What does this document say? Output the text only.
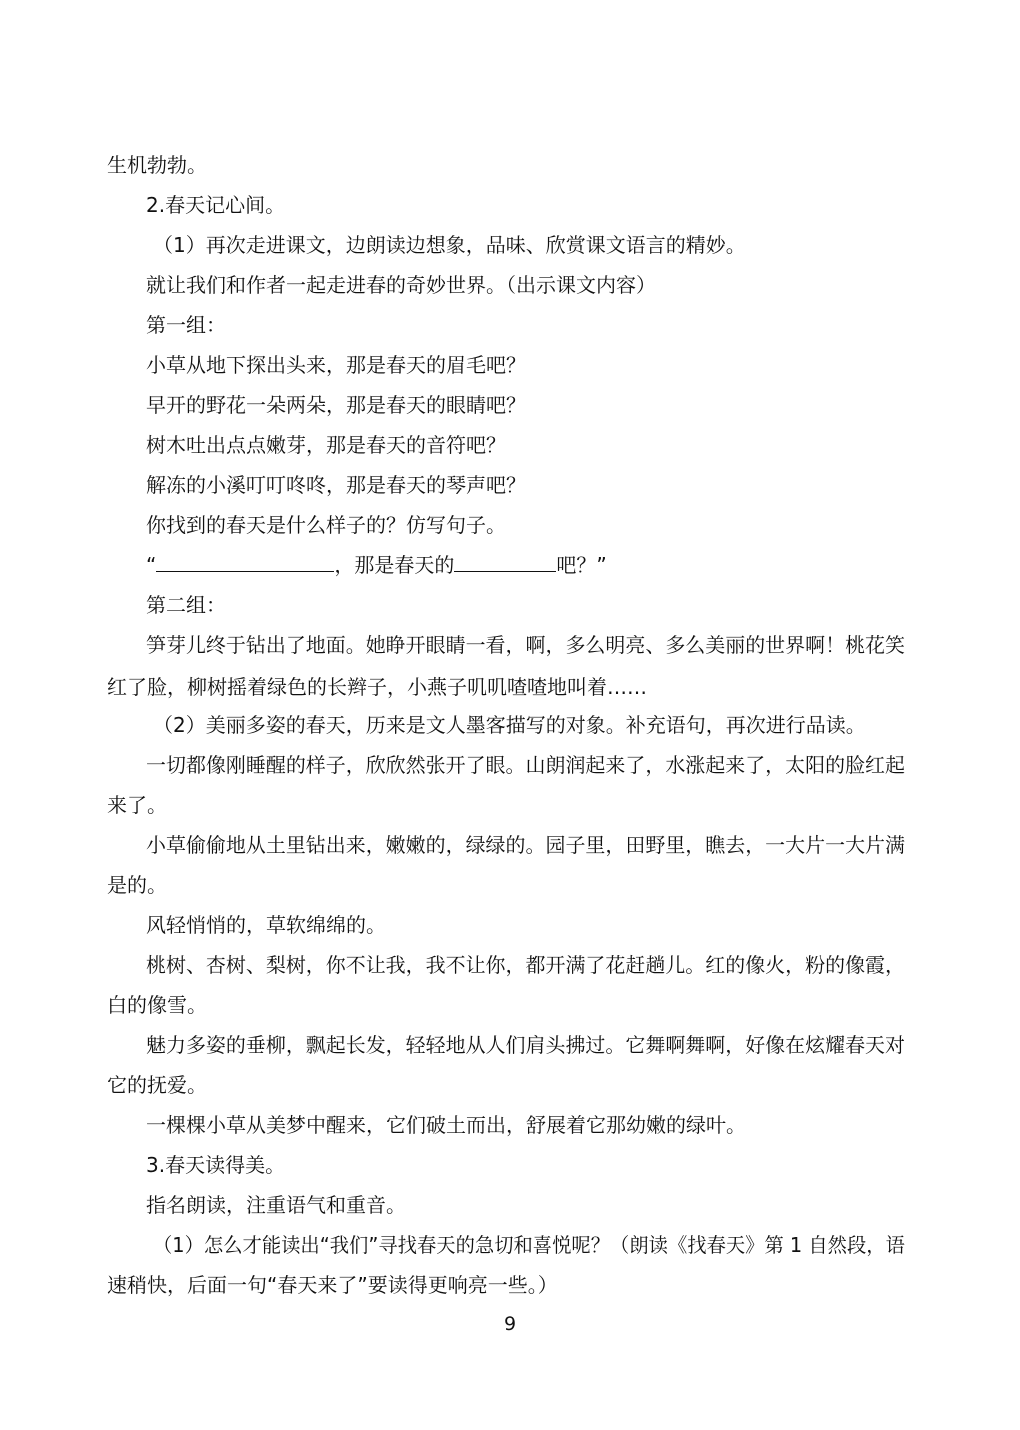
生机勃勃。
2.春天记心间。
（1）再次走进课文，边朗读边想象，品味、欣赏课文语言的精妙。
就让我们和作者一起走进春的奇妙世界。（出示课文内容）
第一组：
小草从地下探出头来，那是春天的眉毛吧？
早开的野花一朵两朵，那是春天的眼睛吧？
树木吐出点点嫩芽，那是春天的音符吧？
解冻的小溪叮叮咚咚，那是春天的琴声吧？
你找到的春天是什么样子的？仿写句子。
“	，那是春天的	吧？”
第二组：
笋芽儿终于钻出了地面。她睁开眼睛一看，啊，多么明亮、多么美丽的世界啊！桃花笑
红了脸，柳树摇着绿色的长辫子，小燕子叽叽喳喳地叫着……
（2）美丽多姿的春天，历来是文人墨客描写的对象。补充语句，再次进行品读。
一切都像刚睡醒的样子，欣欣然张开了眼。山朗润起来了，水涨起来了，太阳的脸红起
来了。
小草偷偷地从土里钻出来，嫩嫩的，绿绿的。园子里，田野里，瞧去，一大片一大片满
是的。
风轻悄悄的，草软绵绵的。
桃树、杏树、梨树，你不让我，我不让你，都开满了花赶趟儿。红的像火，粉的像霞，
白的像雪。
魅力多姿的垂柳，飘起长发，轻轻地从人们肩头拂过。它舞啊舞啊，好像在炫耀春天对
它的抚爱。
一棵棵小草从美梦中醒来，它们破土而出，舒展着它那幼嫩的绿叶。
3.春天读得美。
指名朗读，注重语气和重音。
（1）怎么才能读出“我们”寻找春天的急切和喜悦呢？（朗读《找春天》第 1 自然段，语
速稍快，后面一句“春天来了”要读得更响亮一些。）
9
